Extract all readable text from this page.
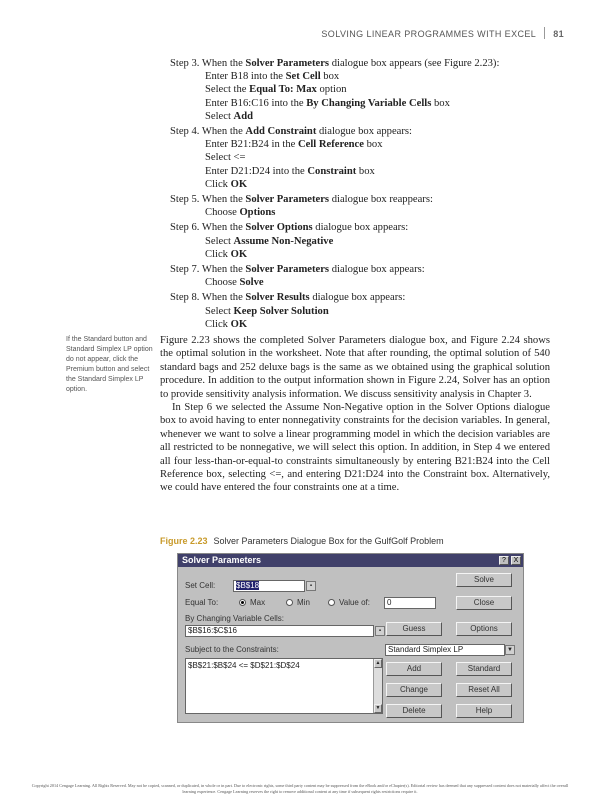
SOLVING LINEAR PROGRAMMES WITH EXCEL 81
Step 3. When the Solver Parameters dialogue box appears (see Figure 2.23):
Enter B18 into the Set Cell box
Select the Equal To: Max option
Enter B16:C16 into the By Changing Variable Cells box
Select Add
Step 4. When the Add Constraint dialogue box appears:
Enter B21:B24 in the Cell Reference box
Select <=
Enter D21:D24 into the Constraint box
Click OK
Step 5. When the Solver Parameters dialogue box reappears:
Choose Options
Step 6. When the Solver Options dialogue box appears:
Select Assume Non-Negative
Click OK
Step 7. When the Solver Parameters dialogue box appears:
Choose Solve
Step 8. When the Solver Results dialogue box appears:
Select Keep Solver Solution
Click OK
If the Standard button and Standard Simplex LP option do not appear, click the Premium button and select the Standard Simplex LP option.

Figure 2.23 shows the completed Solver Parameters dialogue box, and Figure 2.24 shows the optimal solution in the worksheet. Note that after rounding, the optimal solution of 540 standard bags and 252 deluxe bags is the same as we obtained using the graphical solution procedure. In addition to the output information shown in Figure 2.24, Solver has an option to provide sensitivity analysis information. We discuss sensitivity analysis in Chapter 3.

In Step 6 we selected the Assume Non-Negative option in the Solver Options dialogue box to avoid having to enter nonnegativity constraints for the decision variables. In general, whenever we want to solve a linear programming model in which the decision variables are all restricted to be nonnegative, we will select this option. In addition, in Step 4 we entered all four less-than-or-equal-to constraints simultaneously by entering B21:B24 into the Cell Reference box, selecting <=, and entering D21:D24 into the Constraint box. Alternatively, we could have entered the four constraints one at a time.

Figure 2.23 Solver Parameters Dialogue Box for the GulfGolf Problem
Solver Parameters	?	X
Set Cell:	$B$18	▪
Equal To:	Max	Min	Value of:	0
By Changing Variable Cells:
$B$16:$C$16	▪
Subject to the Constraints:
$B$21:$B$24 <= $D$21:$D$24	▲
▼
Standard Simplex LP	▼
Solve
Close
Guess	Options
Add	Standard
Change	Reset All
Delete	Help
Copyright 2014 Cengage Learning. All Rights Reserved. May not be copied, scanned, or duplicated, in whole or in part. Due to electronic rights, some third party content may be suppressed from the eBook and/or eChapter(s). Editorial review has deemed that any suppressed content does not materially affect the overall learning experience. Cengage Learning reserves the right to remove additional content at any time if subsequent rights restrictions require it.
